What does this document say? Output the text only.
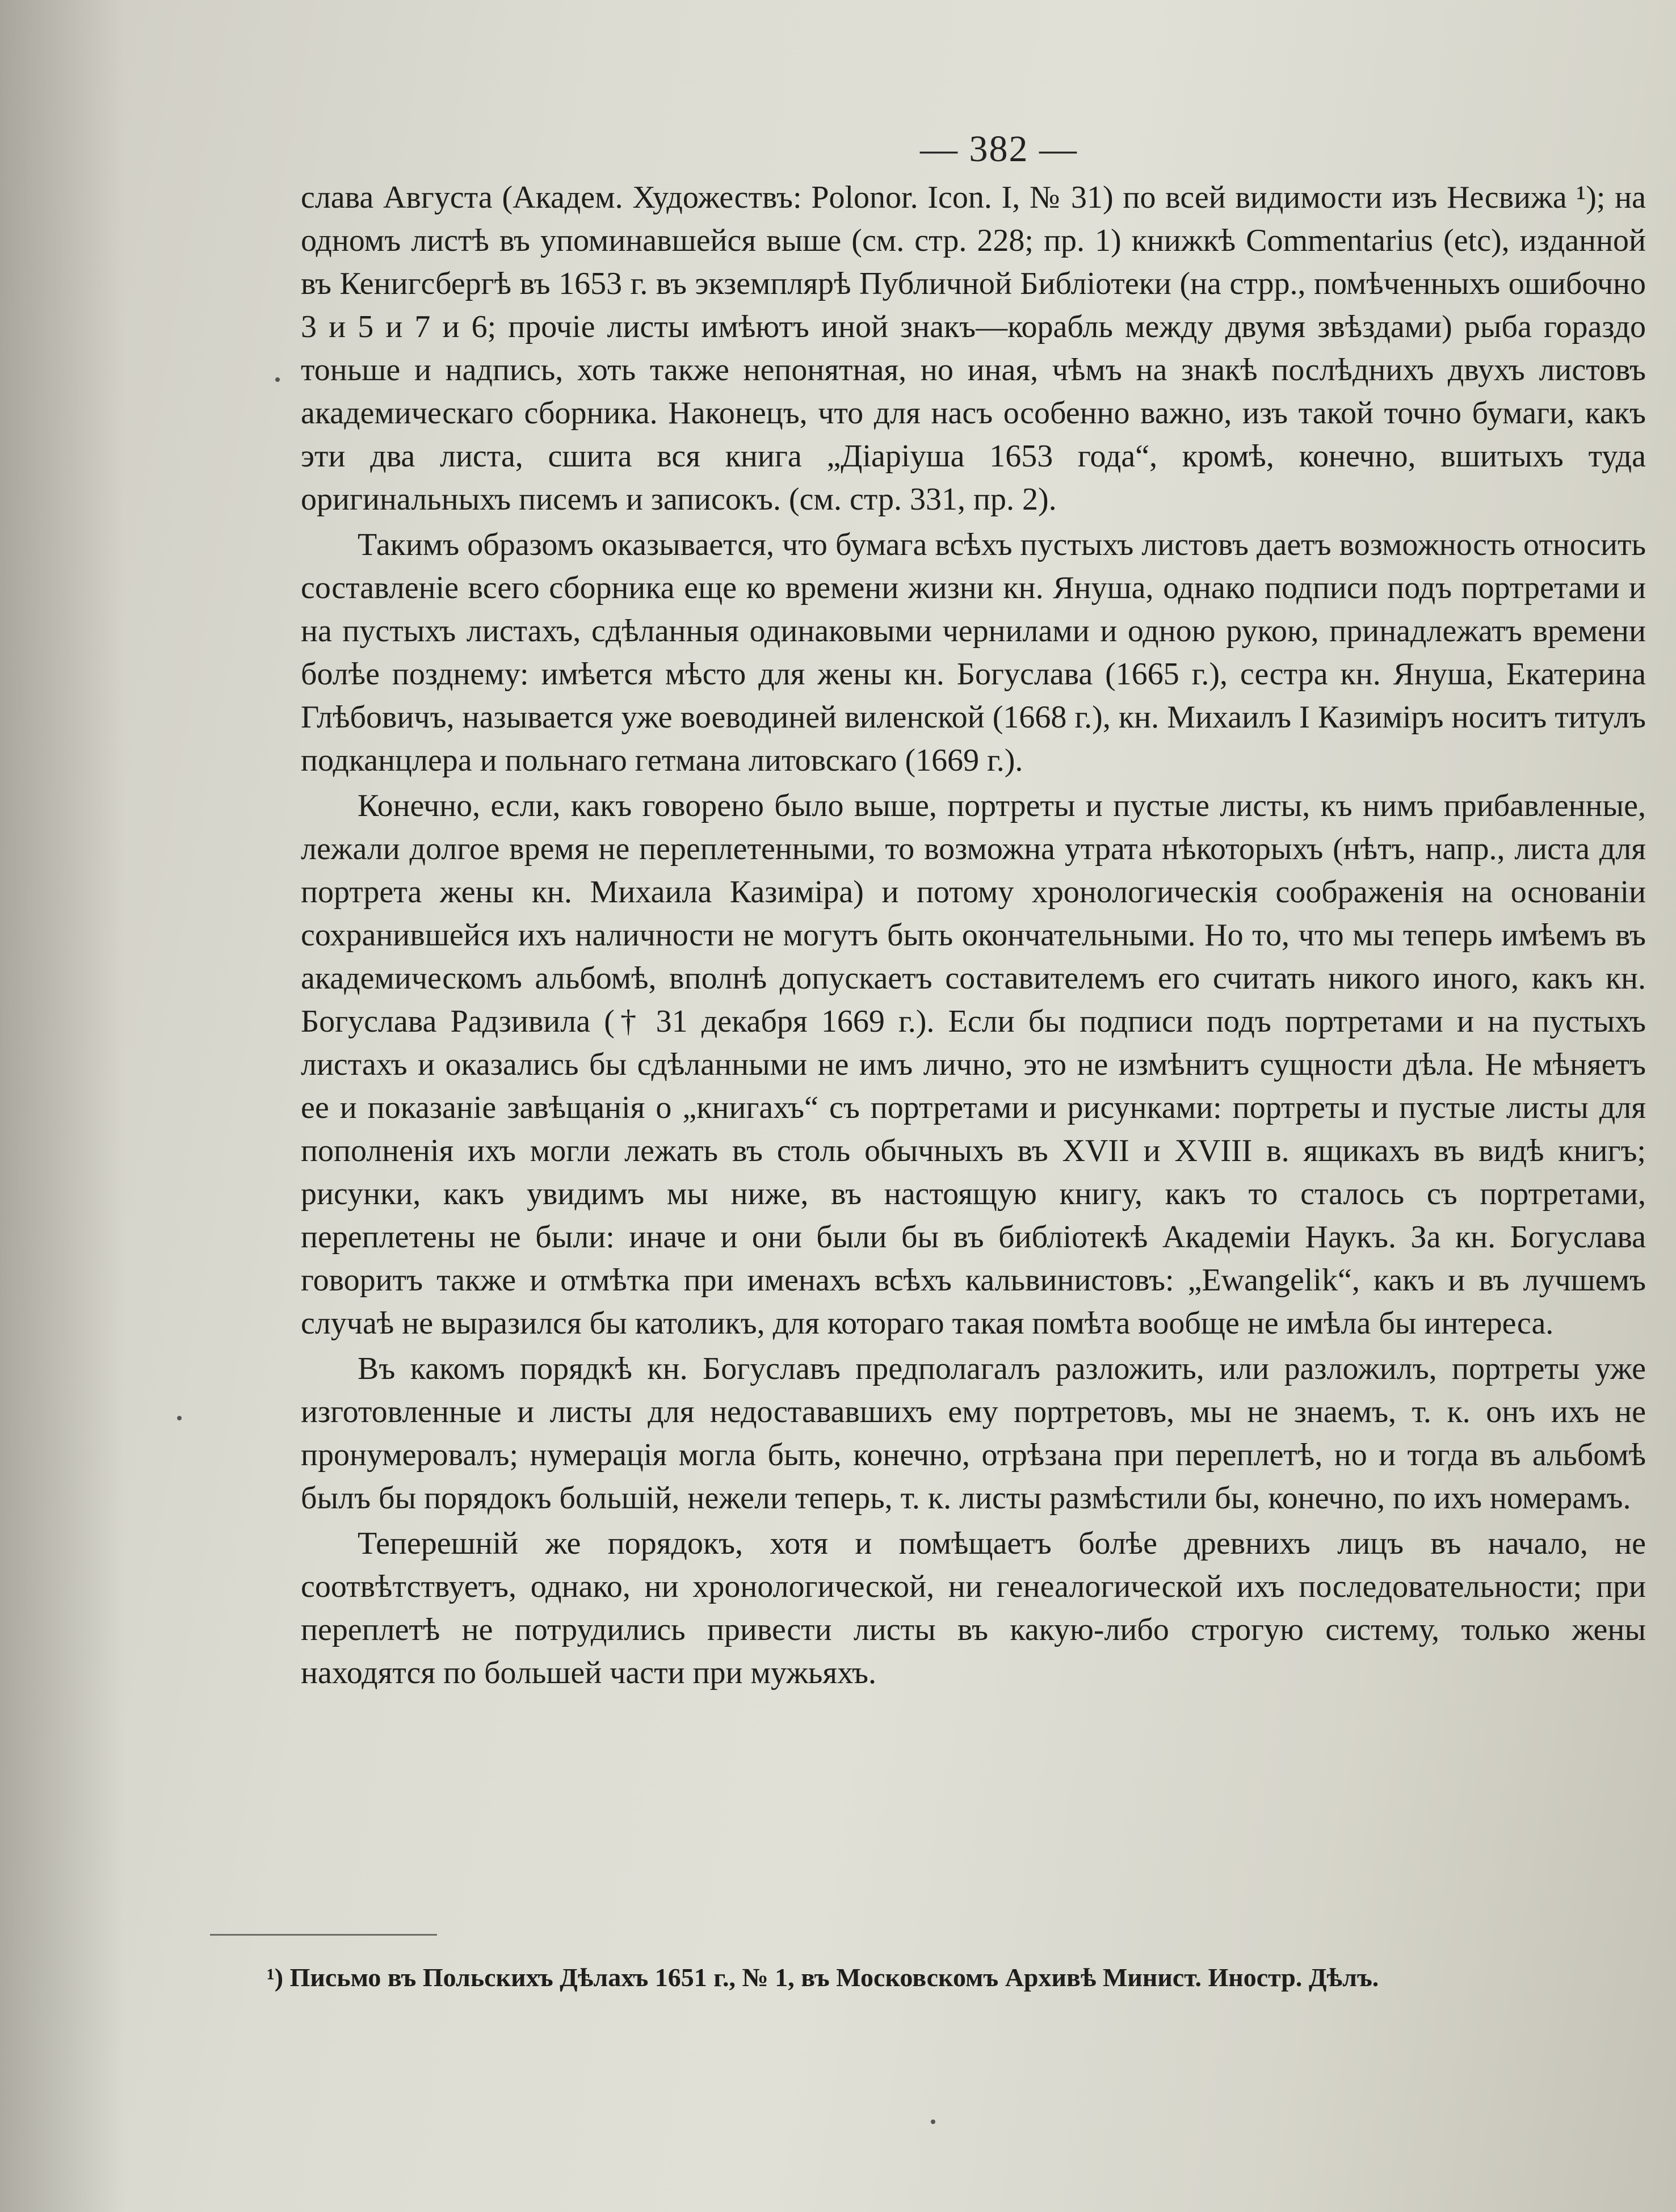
— 382 —

слава Августа (Академ. Художествъ: Polonor. Icon. I, № 31) по всей видимости изъ Несвижа ¹); на одномъ листѣ въ упоминавшейся выше (см. стр. 228; пр. 1) книжкѣ Commentarius (etc), изданной въ Кенигсбергѣ въ 1653 г. въ экземплярѣ Публичной Библіотеки (на стрр., помѣченныхъ ошибочно 3 и 5 и 7 и 6; прочіе листы имѣютъ иной знакъ—корабль между двумя звѣздами) рыба гораздо тоньше и надпись, хоть также непонятная, но иная, чѣмъ на знакѣ послѣднихъ двухъ листовъ академическаго сборника. Наконецъ, что для насъ особенно важно, изъ такой точно бумаги, какъ эти два листа, сшита вся книга „Діаріуша 1653 года“, кромѣ, конечно, вшитыхъ туда оригинальныхъ писемъ и записокъ. (см. стр. 331, пр. 2).

Такимъ образомъ оказывается, что бумага всѣхъ пустыхъ листовъ даетъ возможность относить составленіе всего сборника еще ко времени жизни кн. Януша, однако подписи подъ портретами и на пустыхъ листахъ, сдѣланныя одинаковыми чернилами и одною рукою, принадлежатъ времени болѣе позднему: имѣется мѣсто для жены кн. Богуслава (1665 г.), сестра кн. Януша, Екатерина Глѣбовичъ, называется уже воеводиней виленской (1668 г.), кн. Михаилъ I Казиміръ носитъ титулъ подканцлера и польнаго гетмана литовскаго (1669 г.).

Конечно, если, какъ говорено было выше, портреты и пустые листы, къ нимъ прибавленные, лежали долгое время не переплетенными, то возможна утрата нѣкоторыхъ (нѣтъ, напр., листа для портрета жены кн. Михаила Казиміра) и потому хронологическія соображенія на основаніи сохранившейся ихъ наличности не могутъ быть окончательными. Но то, что мы теперь имѣемъ въ академическомъ альбомѣ, вполнѣ допускаетъ составителемъ его считать никого иного, какъ кн. Богуслава Радзивила († 31 декабря 1669 г.). Если бы подписи подъ портретами и на пустыхъ листахъ и оказались бы сдѣланными не имъ лично, это не измѣнитъ сущности дѣла. Не мѣняетъ ее и показаніе завѣщанія о „книгахъ“ съ портретами и рисунками: портреты и пустые листы для пополненія ихъ могли лежать въ столь обычныхъ въ XVII и XVIII в. ящикахъ въ видѣ книгъ; рисунки, какъ увидимъ мы ниже, въ настоящую книгу, какъ то сталось съ портретами, переплетены не были: иначе и они были бы въ библіотекѣ Академіи Наукъ. За кн. Богуслава говоритъ также и отмѣтка при именахъ всѣхъ кальвинистовъ: „Ewangelik“, какъ и въ лучшемъ случаѣ не выразился бы католикъ, для котораго такая помѣта вообще не имѣла бы интереса.

Въ какомъ порядкѣ кн. Богуславъ предполагалъ разложить, или разложилъ, портреты уже изготовленные и листы для недостававшихъ ему портретовъ, мы не знаемъ, т. к. онъ ихъ не пронумеровалъ; нумерація могла быть, конечно, отрѣзана при переплетѣ, но и тогда въ альбомѣ былъ бы порядокъ большій, нежели теперь, т. к. листы размѣстили бы, конечно, по ихъ номерамъ.

Теперешній же порядокъ, хотя и помѣщаетъ болѣе древнихъ лицъ въ начало, не соотвѣтствуетъ, однако, ни хронологической, ни генеалогической ихъ последовательности; при переплетѣ не потрудились привести листы въ какую-либо строгую систему, только жены находятся по большей части при мужьяхъ.

¹) Письмо въ Польскихъ Дѣлахъ 1651 г., № 1, въ Московскомъ Архивѣ Минист. Иностр. Дѣлъ.
